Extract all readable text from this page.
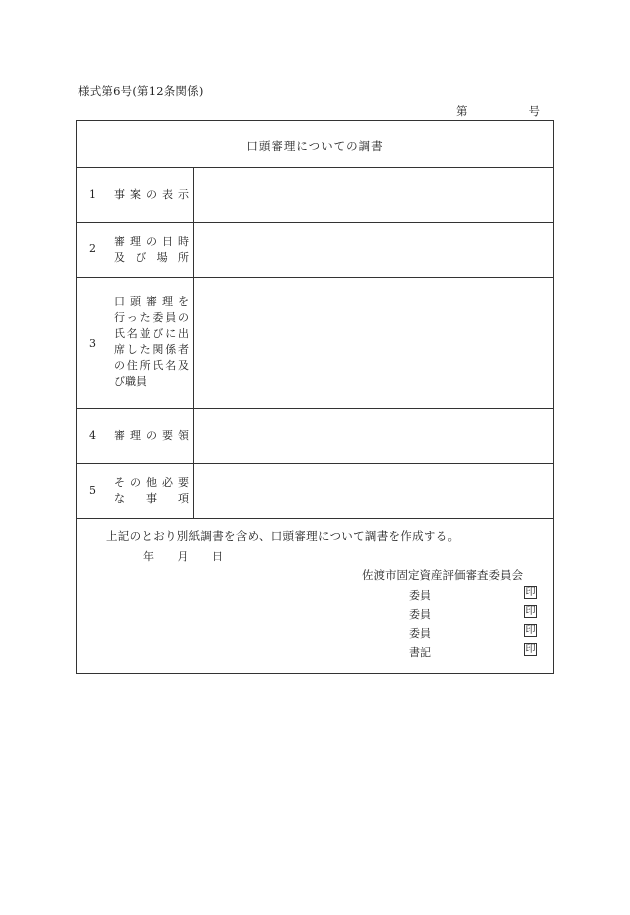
様式第6号(第12条関係)
第	号
口頭審理についての調書
1 事案の表示
2
審理の日時
及び場所
3
口頭審理を
行った委員の
氏名並びに出
席した関係者
の住所氏名及
び職員
4 審理の要領
5
その他必要
な事項
上記のとおり別紙調書を含め、口頭審理について調書を作成する。
年 月 日
佐渡市固定資産評価審査委員会
委員	印
委員	印
委員	印
書記	印
